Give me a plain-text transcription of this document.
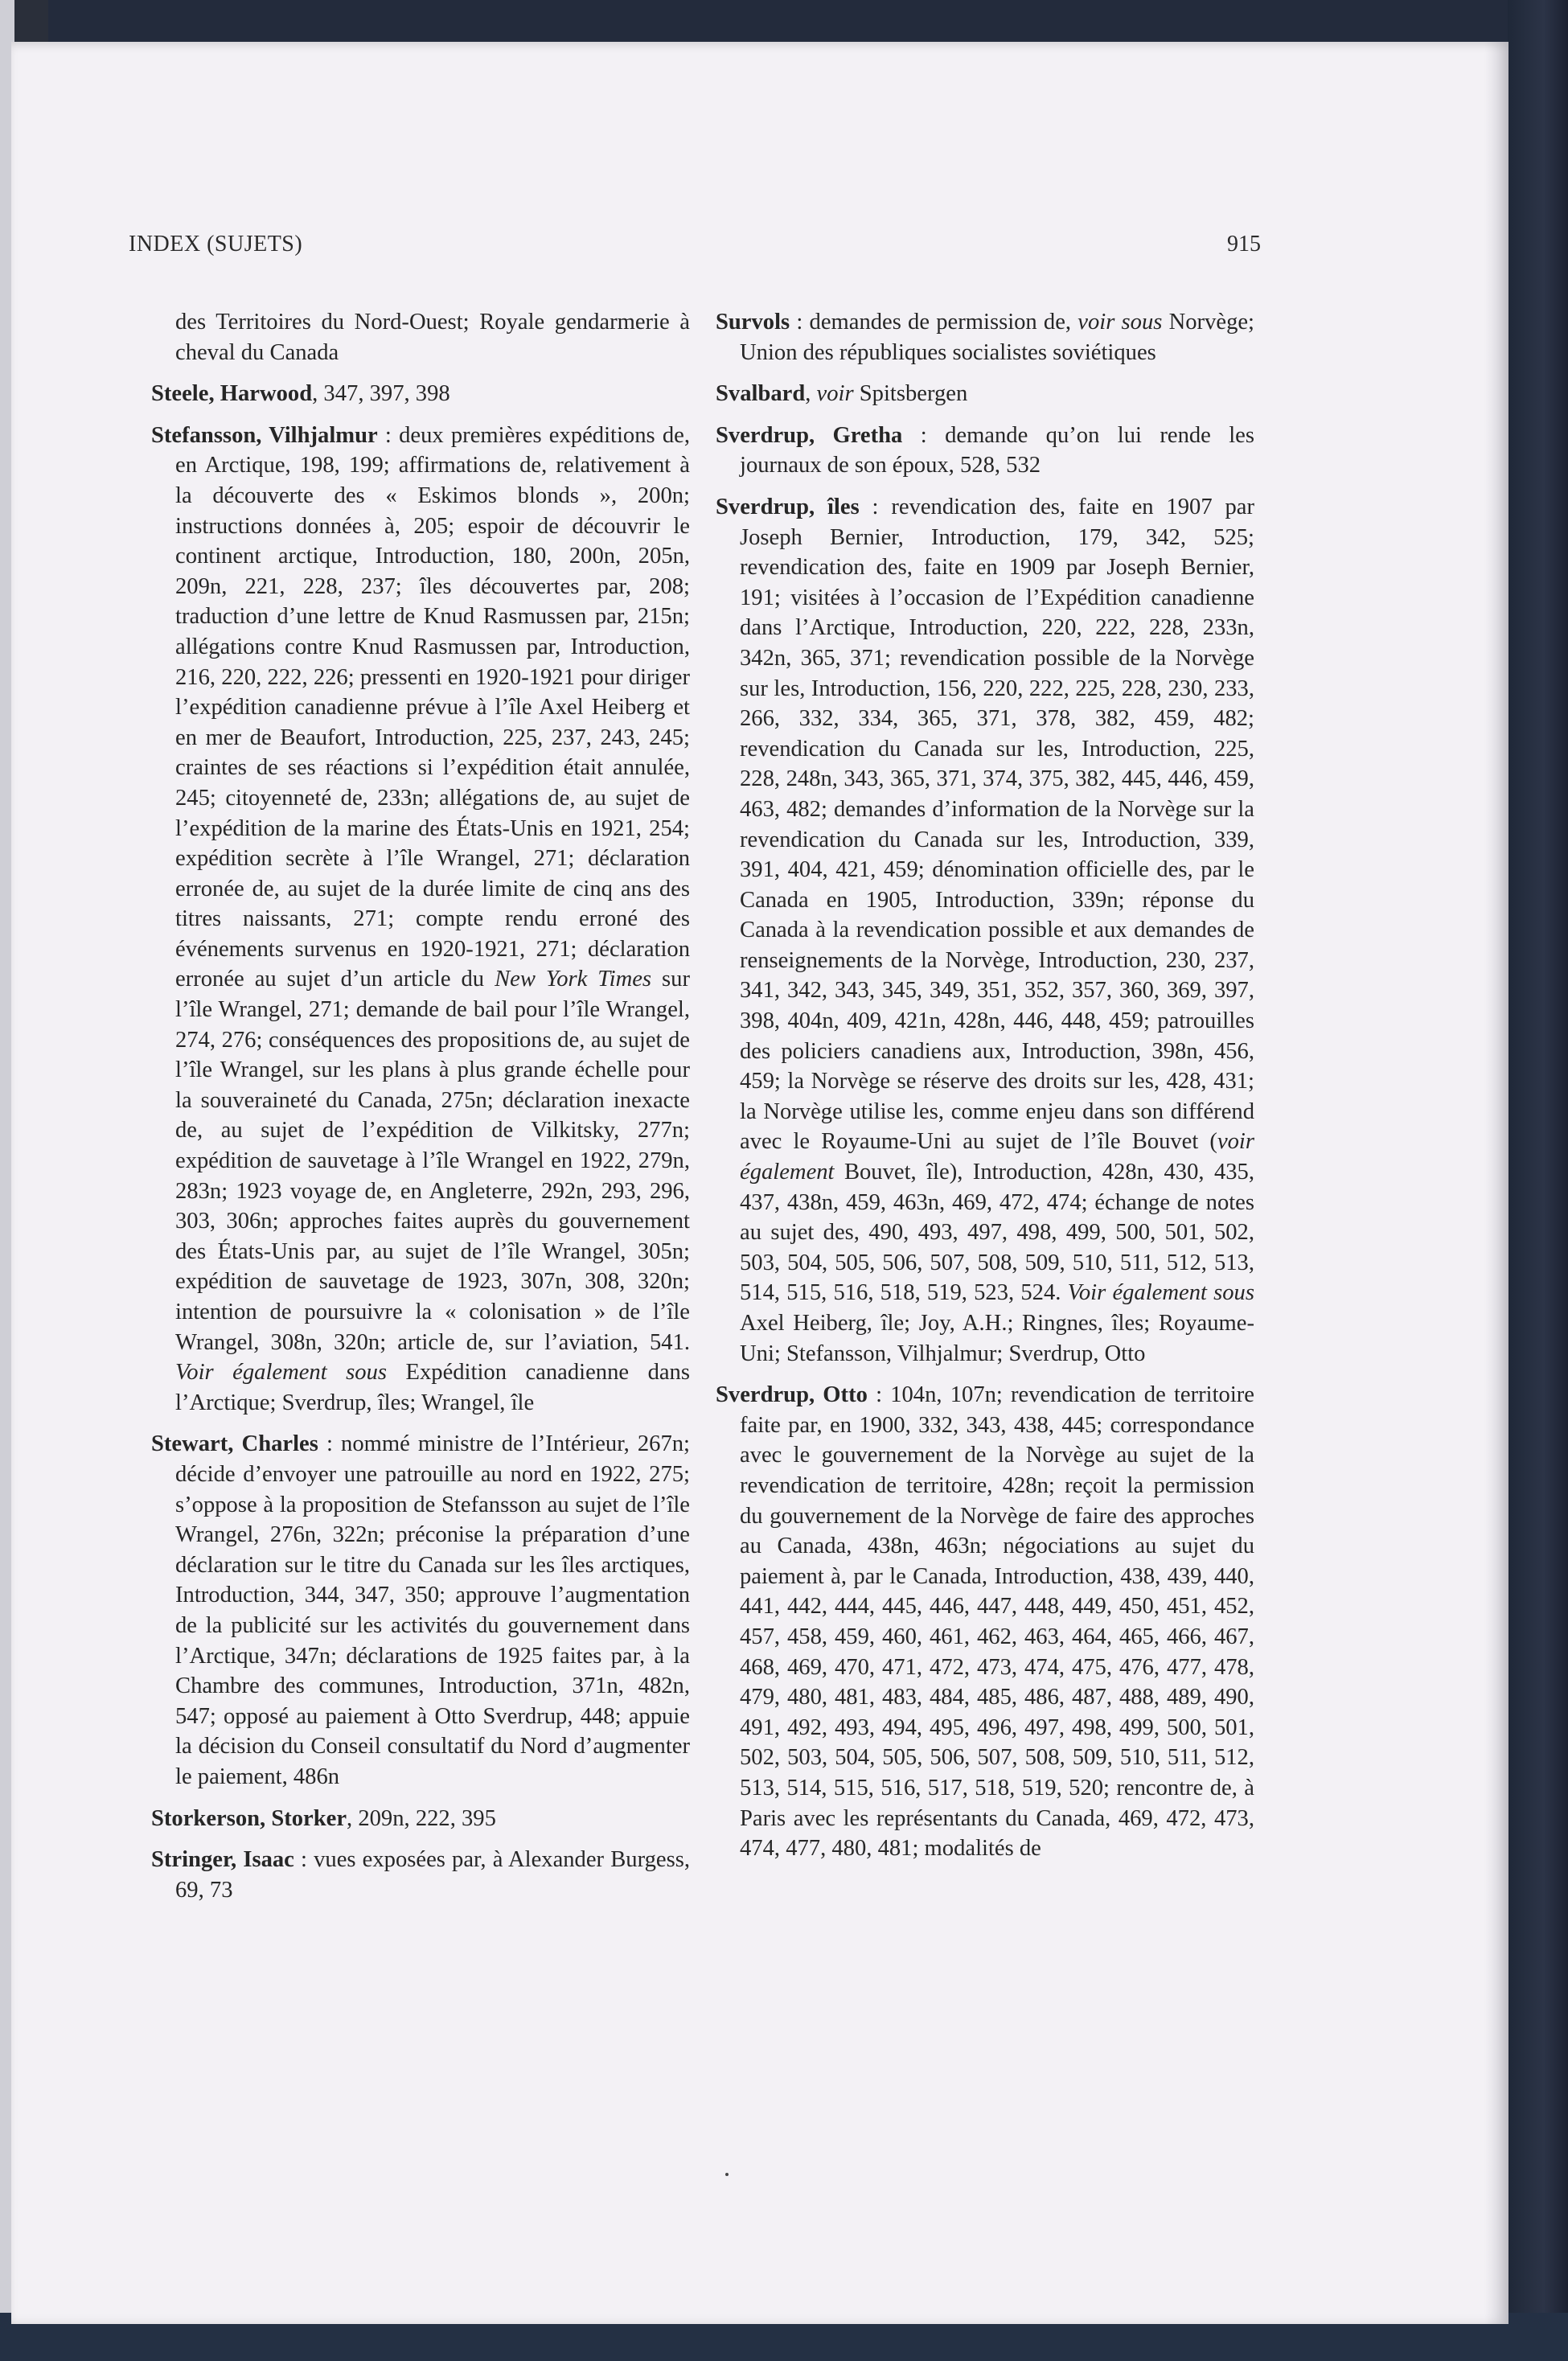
INDEX (SUJETS)	915

des Territoires du Nord-Ouest; Royale gendarmerie à cheval du Canada

Steele, Harwood, 347, 397, 398

Stefansson, Vilhjalmur : deux premières expéditions de, en Arctique, 198, 199; affirmations de, relativement à la découverte des « Eskimos blonds », 200n; instructions données à, 205; espoir de découvrir le continent arctique, Introduction, 180, 200n, 205n, 209n, 221, 228, 237; îles découvertes par, 208; traduction d’une lettre de Knud Rasmussen par, 215n; allégations contre Knud Rasmussen par, Introduction, 216, 220, 222, 226; pressenti en 1920-1921 pour diriger l’expédition canadienne prévue à l’île Axel Heiberg et en mer de Beaufort, Introduction, 225, 237, 243, 245; craintes de ses réactions si l’expédition était annulée, 245; citoyenneté de, 233n; allégations de, au sujet de l’expédition de la marine des États-Unis en 1921, 254; expédition secrète à l’île Wrangel, 271; déclaration erronée de, au sujet de la durée limite de cinq ans des titres naissants, 271; compte rendu erroné des événements survenus en 1920-1921, 271; déclaration erronée au sujet d’un article du New York Times sur l’île Wrangel, 271; demande de bail pour l’île Wrangel, 274, 276; conséquences des propositions de, au sujet de l’île Wrangel, sur les plans à plus grande échelle pour la souveraineté du Canada, 275n; déclaration inexacte de, au sujet de l’expédition de Vilkitsky, 277n; expédition de sauvetage à l’île Wrangel en 1922, 279n, 283n; 1923 voyage de, en Angleterre, 292n, 293, 296, 303, 306n; approches faites auprès du gouvernement des États-Unis par, au sujet de l’île Wrangel, 305n; expédition de sauvetage de 1923, 307n, 308, 320n; intention de poursuivre la « colonisation » de l’île Wrangel, 308n, 320n; article de, sur l’aviation, 541. Voir également sous Expédition canadienne dans l’Arctique; Sverdrup, îles; Wrangel, île

Stewart, Charles : nommé ministre de l’Intérieur, 267n; décide d’envoyer une patrouille au nord en 1922, 275; s’oppose à la proposition de Stefansson au sujet de l’île Wrangel, 276n, 322n; préconise la préparation d’une déclaration sur le titre du Canada sur les îles arctiques, Introduction, 344, 347, 350; approuve l’augmentation de la publicité sur les activités du gouvernement dans l’Arctique, 347n; déclarations de 1925 faites par, à la Chambre des communes, Introduction, 371n, 482n, 547; opposé au paiement à Otto Sverdrup, 448; appuie la décision du Conseil consultatif du Nord d’augmenter le paiement, 486n

Storkerson, Storker, 209n, 222, 395

Stringer, Isaac : vues exposées par, à Alexander Burgess, 69, 73

Survols : demandes de permission de, voir sous Norvège; Union des républiques socialistes soviétiques

Svalbard, voir Spitsbergen

Sverdrup, Gretha : demande qu’on lui rende les journaux de son époux, 528, 532

Sverdrup, îles : revendication des, faite en 1907 par Joseph Bernier, Introduction, 179, 342, 525; revendication des, faite en 1909 par Joseph Bernier, 191; visitées à l’occasion de l’Expédition canadienne dans l’Arctique, Introduction, 220, 222, 228, 233n, 342n, 365, 371; revendication possible de la Norvège sur les, Introduction, 156, 220, 222, 225, 228, 230, 233, 266, 332, 334, 365, 371, 378, 382, 459, 482; revendication du Canada sur les, Introduction, 225, 228, 248n, 343, 365, 371, 374, 375, 382, 445, 446, 459, 463, 482; demandes d’information de la Norvège sur la revendication du Canada sur les, Introduction, 339, 391, 404, 421, 459; dénomination officielle des, par le Canada en 1905, Introduction, 339n; réponse du Canada à la revendication possible et aux demandes de renseignements de la Norvège, Introduction, 230, 237, 341, 342, 343, 345, 349, 351, 352, 357, 360, 369, 397, 398, 404n, 409, 421n, 428n, 446, 448, 459; patrouilles des policiers canadiens aux, Introduction, 398n, 456, 459; la Norvège se réserve des droits sur les, 428, 431; la Norvège utilise les, comme enjeu dans son différend avec le Royaume-Uni au sujet de l’île Bouvet (voir également Bouvet, île), Introduction, 428n, 430, 435, 437, 438n, 459, 463n, 469, 472, 474; échange de notes au sujet des, 490, 493, 497, 498, 499, 500, 501, 502, 503, 504, 505, 506, 507, 508, 509, 510, 511, 512, 513, 514, 515, 516, 518, 519, 523, 524. Voir également sous Axel Heiberg, île; Joy, A.H.; Ringnes, îles; Royaume-Uni; Stefansson, Vilhjalmur; Sverdrup, Otto

Sverdrup, Otto : 104n, 107n; revendication de territoire faite par, en 1900, 332, 343, 438, 445; correspondance avec le gouvernement de la Norvège au sujet de la revendication de territoire, 428n; reçoit la permission du gouvernement de la Norvège de faire des approches au Canada, 438n, 463n; négociations au sujet du paiement à, par le Canada, Introduction, 438, 439, 440, 441, 442, 444, 445, 446, 447, 448, 449, 450, 451, 452, 457, 458, 459, 460, 461, 462, 463, 464, 465, 466, 467, 468, 469, 470, 471, 472, 473, 474, 475, 476, 477, 478, 479, 480, 481, 483, 484, 485, 486, 487, 488, 489, 490, 491, 492, 493, 494, 495, 496, 497, 498, 499, 500, 501, 502, 503, 504, 505, 506, 507, 508, 509, 510, 511, 512, 513, 514, 515, 516, 517, 518, 519, 520; rencontre de, à Paris avec les représentants du Canada, 469, 472, 473, 474, 477, 480, 481; modalités de
